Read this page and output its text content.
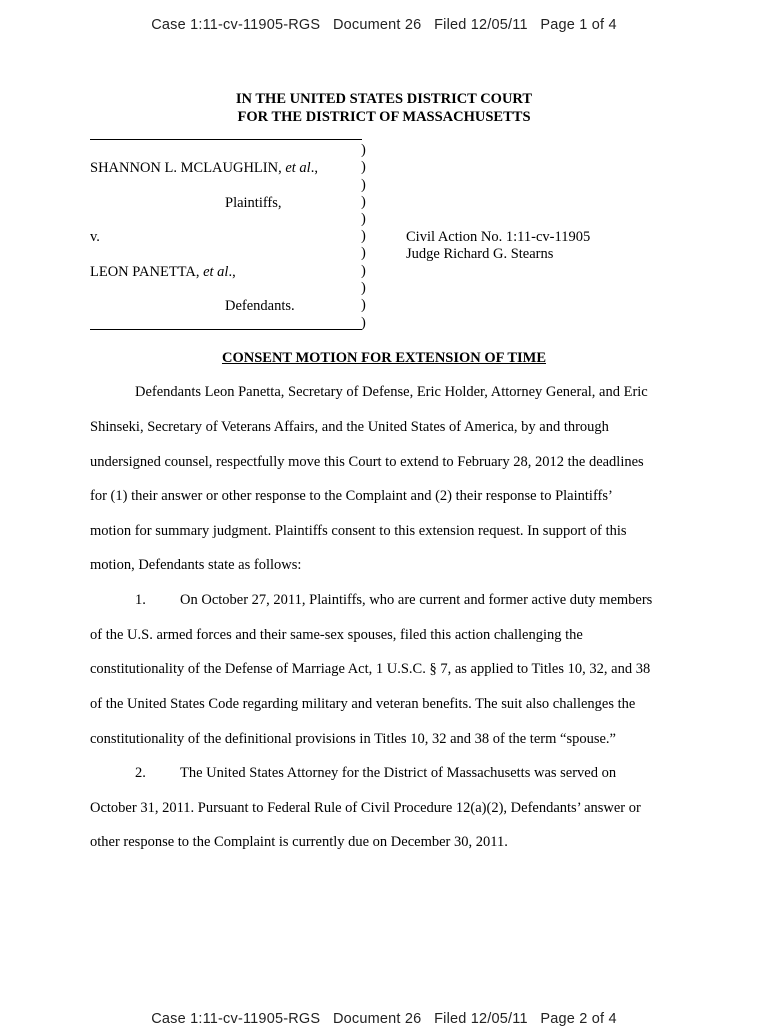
Case 1:11-cv-11905-RGS   Document 26   Filed 12/05/11   Page 1 of 4
IN THE UNITED STATES DISTRICT COURT
FOR THE DISTRICT OF MASSACHUSETTS
SHANNON L. MCLAUGHLIN, et al.,
Plaintiffs,
v.
LEON PANETTA, et al.,
Defendants.
Civil Action No. 1:11-cv-11905
Judge Richard G. Stearns
)
)
)
)
)
)
)
)
)
)
)
CONSENT MOTION FOR EXTENSION OF TIME
Defendants Leon Panetta, Secretary of Defense, Eric Holder, Attorney General, and Eric
Shinseki, Secretary of Veterans Affairs, and the United States of America, by and through
undersigned counsel, respectfully move this Court to extend to February 28, 2012 the deadlines
for (1) their answer or other response to the Complaint and (2) their response to Plaintiffs’
motion for summary judgment. Plaintiffs consent to this extension request. In support of this
motion, Defendants state as follows:
1. On October 27, 2011, Plaintiffs, who are current and former active duty members
of the U.S. armed forces and their same-sex spouses, filed this action challenging the
constitutionality of the Defense of Marriage Act, 1 U.S.C. § 7, as applied to Titles 10, 32, and 38
of the United States Code regarding military and veteran benefits. The suit also challenges the
constitutionality of the definitional provisions in Titles 10, 32 and 38 of the term “spouse.”
2. The United States Attorney for the District of Massachusetts was served on
October 31, 2011. Pursuant to Federal Rule of Civil Procedure 12(a)(2), Defendants’ answer or
other response to the Complaint is currently due on December 30, 2011.
Case 1:11-cv-11905-RGS   Document 26   Filed 12/05/11   Page 2 of 4
